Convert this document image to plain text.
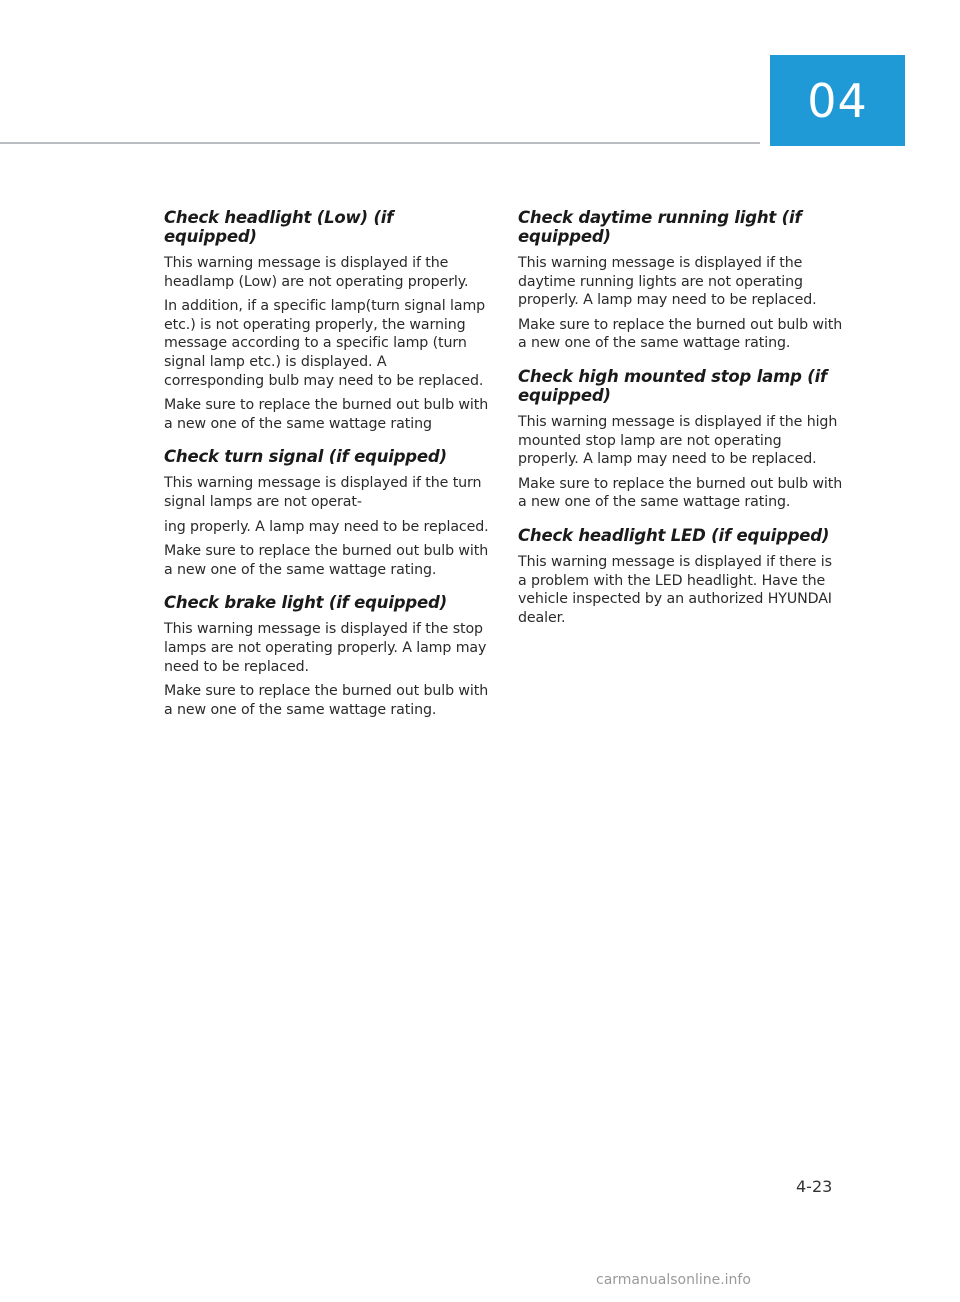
04
Check headlight (Low) (if equipped)

This warning message is displayed if the headlamp (Low) are not operating properly.

In addition, if a specific lamp(turn signal lamp etc.) is not operating properly, the warning message according to a specific lamp (turn signal lamp etc.) is displayed. A corresponding bulb may need to be replaced.

Make sure to replace the burned out bulb with a new one of the same wattage rating

Check turn signal (if equipped)

This warning message is displayed if the turn signal lamps are not operat-

ing properly. A lamp may need to be replaced.

Make sure to replace the burned out bulb with a new one of the same wattage rating.

Check brake light (if equipped)

This warning message is displayed if the stop lamps are not operating properly. A lamp may need to be replaced.

Make sure to replace the burned out bulb with a new one of the same wattage rating.

Check daytime running light (if equipped)

This warning message is displayed if the daytime running lights are not operating properly. A lamp may need to be replaced.

Make sure to replace the burned out bulb with a new one of the same wattage rating.

Check high mounted stop lamp (if equipped)

This warning message is displayed if the high mounted stop lamp are not operating properly. A lamp may need to be replaced.

Make sure to replace the burned out bulb with a new one of the same wattage rating.

Check headlight LED (if equipped)

This warning message is displayed if there is a problem with the LED headlight. Have the vehicle inspected by an authorized HYUNDAI dealer.

4-23
carmanualsonline.info
